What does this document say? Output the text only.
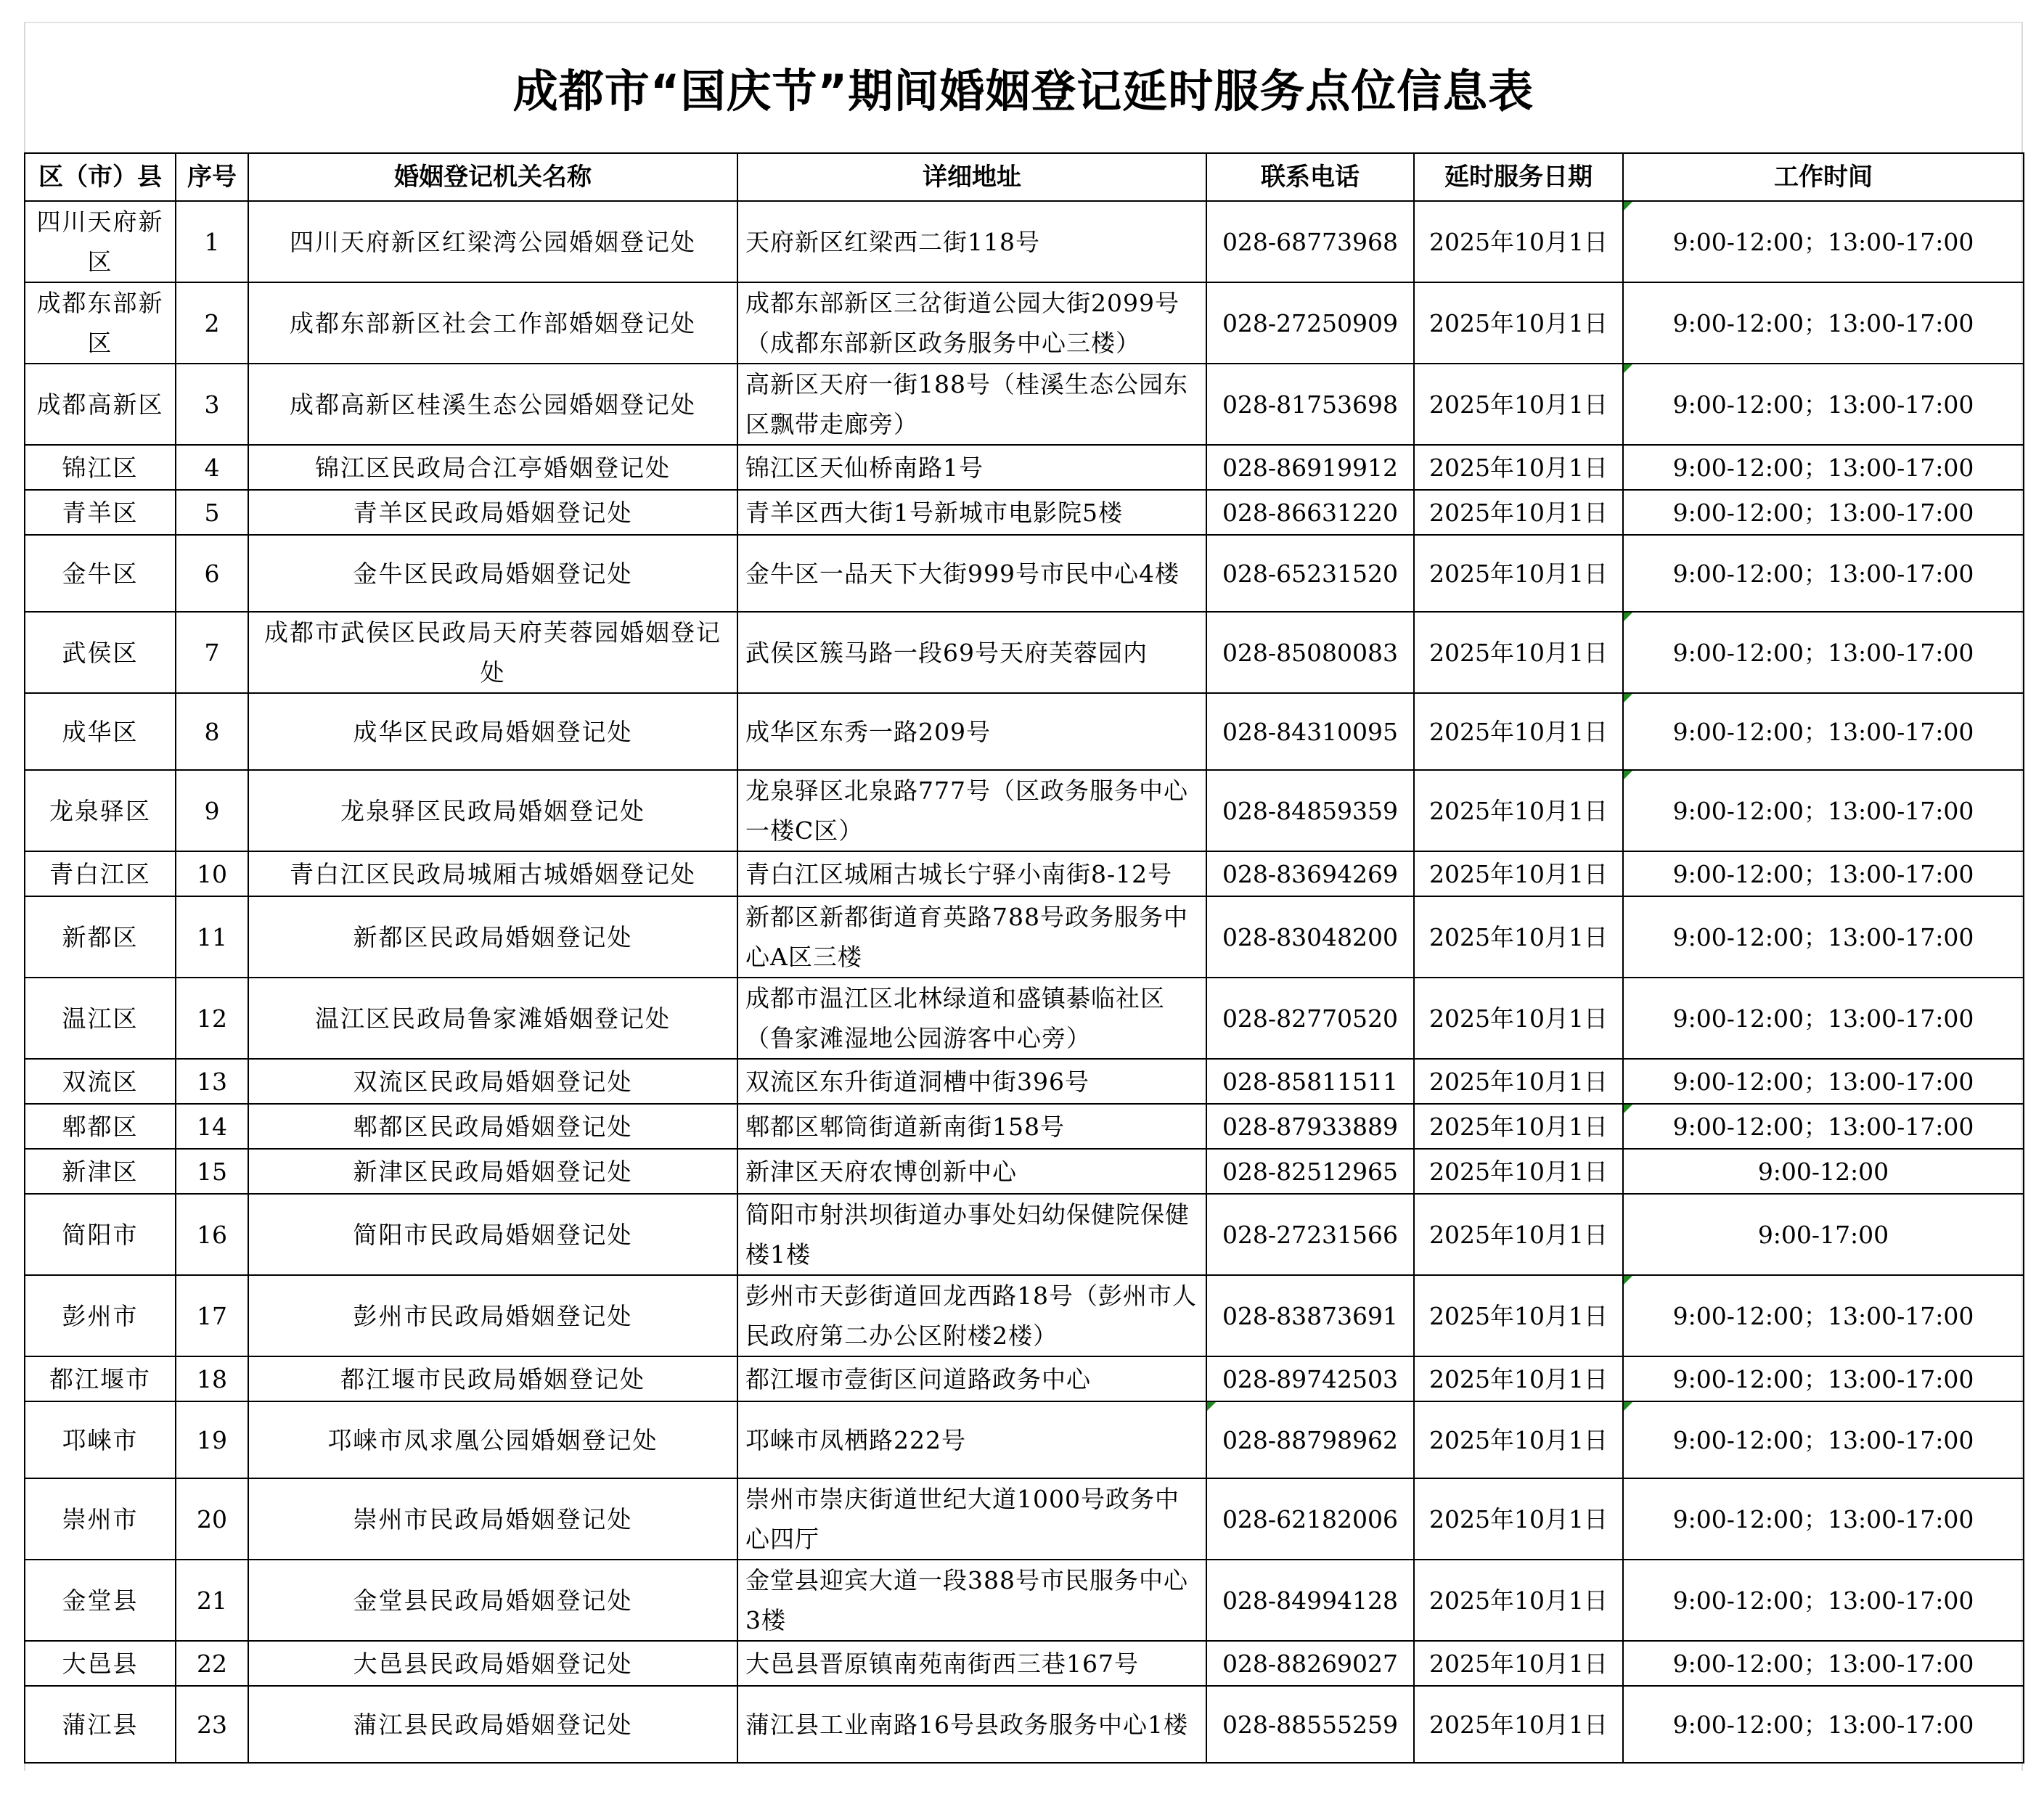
成都市“国庆节”期间婚姻登记延时服务点位信息表
区（市）县	序号	婚姻登记机关名称	详细地址	联系电话	延时服务日期	工作时间
四川天府新区	1	四川天府新区红梁湾公园婚姻登记处	天府新区红梁西二街118号	028-68773968	2025年10月1日	9:00-12:00；13:00-17:00

成都东部新区	2	成都东部新区社会工作部婚姻登记处	成都东部新区三岔街道公园大街2099号（成都东部新区政务服务中心三楼）	028-27250909	2025年10月1日	9:00-12:00；13:00-17:00
成都高新区	3	成都高新区桂溪生态公园婚姻登记处	高新区天府一街188号（桂溪生态公园东区飘带走廊旁）	028-81753698	2025年10月1日	9:00-12:00；13:00-17:00

锦江区	4	锦江区民政局合江亭婚姻登记处	锦江区天仙桥南路1号	028-86919912	2025年10月1日	9:00-12:00；13:00-17:00
青羊区	5	青羊区民政局婚姻登记处	青羊区西大街1号新城市电影院5楼	028-86631220	2025年10月1日	9:00-12:00；13:00-17:00
金牛区	6	金牛区民政局婚姻登记处	金牛区一品天下大街999号市民中心4楼	028-65231520	2025年10月1日	9:00-12:00；13:00-17:00
武侯区	7	成都市武侯区民政局天府芙蓉园婚姻登记处	武侯区簇马路一段69号天府芙蓉园内	028-85080083	2025年10月1日	9:00-12:00；13:00-17:00

成华区	8	成华区民政局婚姻登记处	成华区东秀一路209号	028-84310095	2025年10月1日	9:00-12:00；13:00-17:00

龙泉驿区	9	龙泉驿区民政局婚姻登记处	龙泉驿区北泉路777号（区政务服务中心一楼C区）	028-84859359	2025年10月1日	9:00-12:00；13:00-17:00

青白江区	10	青白江区民政局城厢古城婚姻登记处	青白江区城厢古城长宁驿小南街8-12号	028-83694269	2025年10月1日	9:00-12:00；13:00-17:00
新都区	11	新都区民政局婚姻登记处	新都区新都街道育英路788号政务服务中心A区三楼	028-83048200	2025年10月1日	9:00-12:00；13:00-17:00
温江区	12	温江区民政局鲁家滩婚姻登记处	成都市温江区北林绿道和盛镇綦临社区（鲁家滩湿地公园游客中心旁）	028-82770520	2025年10月1日	9:00-12:00；13:00-17:00
双流区	13	双流区民政局婚姻登记处	双流区东升街道洞槽中街396号	028-85811511	2025年10月1日	9:00-12:00；13:00-17:00
郫都区	14	郫都区民政局婚姻登记处	郫都区郫筒街道新南街158号	028-87933889	2025年10月1日	9:00-12:00；13:00-17:00

新津区	15	新津区民政局婚姻登记处	新津区天府农博创新中心	028-82512965	2025年10月1日	9:00-12:00
简阳市	16	简阳市民政局婚姻登记处	简阳市射洪坝街道办事处妇幼保健院保健楼1楼	028-27231566	2025年10月1日	9:00-17:00
彭州市	17	彭州市民政局婚姻登记处	彭州市天彭街道回龙西路18号（彭州市人民政府第二办公区附楼2楼）	028-83873691	2025年10月1日	9:00-12:00；13:00-17:00

都江堰市	18	都江堰市民政局婚姻登记处	都江堰市壹街区问道路政务中心	028-89742503	2025年10月1日	9:00-12:00；13:00-17:00
邛崃市	19	邛崃市凤求凰公园婚姻登记处	邛崃市凤栖路222号	028-88798962	2025年10月1日	9:00-12:00；13:00-17:00

崇州市	20	崇州市民政局婚姻登记处	崇州市崇庆街道世纪大道1000号政务中心四厅	028-62182006	2025年10月1日	9:00-12:00；13:00-17:00
金堂县	21	金堂县民政局婚姻登记处	金堂县迎宾大道一段388号市民服务中心3楼	028-84994128	2025年10月1日	9:00-12:00；13:00-17:00
大邑县	22	大邑县民政局婚姻登记处	大邑县晋原镇南苑南街西三巷167号	028-88269027	2025年10月1日	9:00-12:00；13:00-17:00
蒲江县	23	蒲江县民政局婚姻登记处	蒲江县工业南路16号县政务服务中心1楼	028-88555259	2025年10月1日	9:00-12:00；13:00-17:00
